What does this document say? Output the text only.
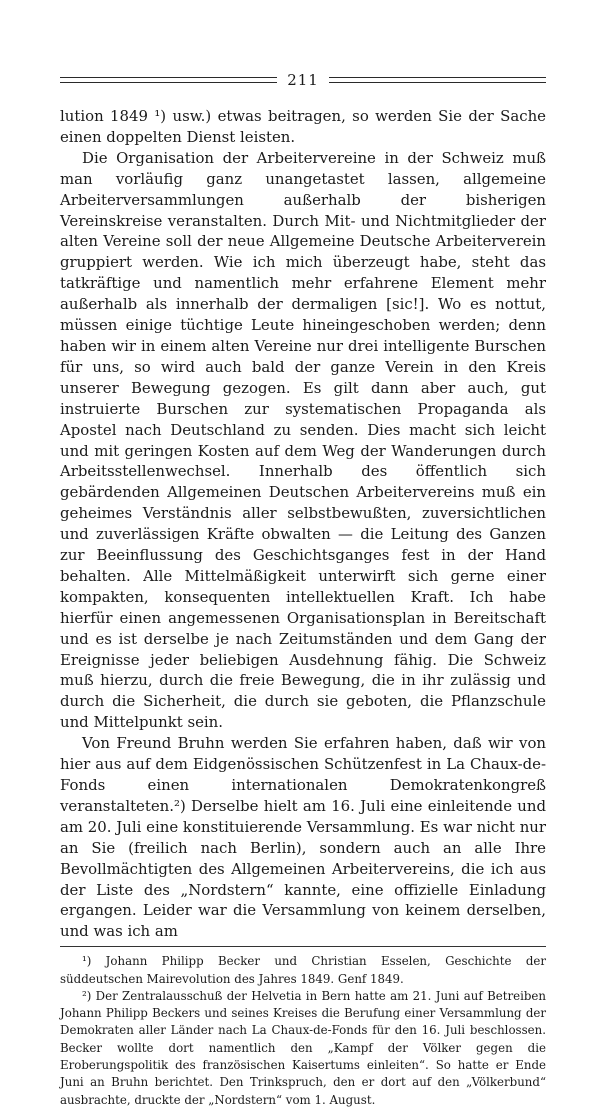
211

lution 1849 ¹) usw.) etwas beitragen, so werden Sie der Sache einen doppelten Dienst leisten.

Die Organisation der Arbeitervereine in der Schweiz muß man vorläufig ganz unangetastet lassen, allgemeine Arbeiterversammlungen außerhalb der bisherigen Vereinskreise veranstalten. Durch Mit- und Nichtmitglieder der alten Vereine soll der neue Allgemeine Deutsche Arbeiterverein gruppiert werden. Wie ich mich überzeugt habe, steht das tatkräftige und namentlich mehr erfahrene Element mehr außerhalb als innerhalb der dermaligen [sic!]. Wo es nottut, müssen einige tüchtige Leute hineingeschoben werden; denn haben wir in einem alten Vereine nur drei intelligente Burschen für uns, so wird auch bald der ganze Verein in den Kreis unserer Bewegung gezogen. Es gilt dann aber auch, gut instruierte Burschen zur systematischen Propaganda als Apostel nach Deutschland zu senden. Dies macht sich leicht und mit geringen Kosten auf dem Weg der Wanderungen durch Arbeitsstellenwechsel. Innerhalb des öffentlich sich gebärdenden Allgemeinen Deutschen Arbeitervereins muß ein geheimes Verständnis aller selbstbewußten, zuversichtlichen und zuverlässigen Kräfte obwalten — die Leitung des Ganzen zur Beeinflussung des Geschichtsganges fest in der Hand behalten. Alle Mittelmäßigkeit unterwirft sich gerne einer kompakten, konsequenten intellektuellen Kraft. Ich habe hierfür einen angemessenen Organisationsplan in Bereitschaft und es ist derselbe je nach Zeitumständen und dem Gang der Ereignisse jeder beliebigen Ausdehnung fähig. Die Schweiz muß hierzu, durch die freie Bewegung, die in ihr zulässig und durch die Sicherheit, die durch sie geboten, die Pflanzschule und Mittelpunkt sein.

Von Freund Bruhn werden Sie erfahren haben, daß wir von hier aus auf dem Eidgenössischen Schützenfest in La Chaux-de-Fonds einen internationalen Demokratenkongreß veranstalteten.²) Derselbe hielt am 16. Juli eine einleitende und am 20. Juli eine konstituierende Versammlung. Es war nicht nur an Sie (freilich nach Berlin), sondern auch an alle Ihre Bevollmächtigten des Allgemeinen Arbeitervereins, die ich aus der Liste des „Nordstern“ kannte, eine offizielle Einladung ergangen. Leider war die Versammlung von keinem derselben, und was ich am

¹) Johann Philipp Becker und Christian Esselen, Geschichte der süddeutschen Mairevolution des Jahres 1849. Genf 1849.

²) Der Zentralausschuß der Helvetia in Bern hatte am 21. Juni auf Betreiben Johann Philipp Beckers und seines Kreises die Berufung einer Versammlung der Demokraten aller Länder nach La Chaux-de-Fonds für den 16. Juli beschlossen. Becker wollte dort namentlich den „Kampf der Völker gegen die Eroberungspolitik des französischen Kaisertums einleiten“. So hatte er Ende Juni an Bruhn berichtet. Den Trinkspruch, den er dort auf den „Völkerbund“ ausbrachte, druckte der „Nordstern“ vom 1. August.
